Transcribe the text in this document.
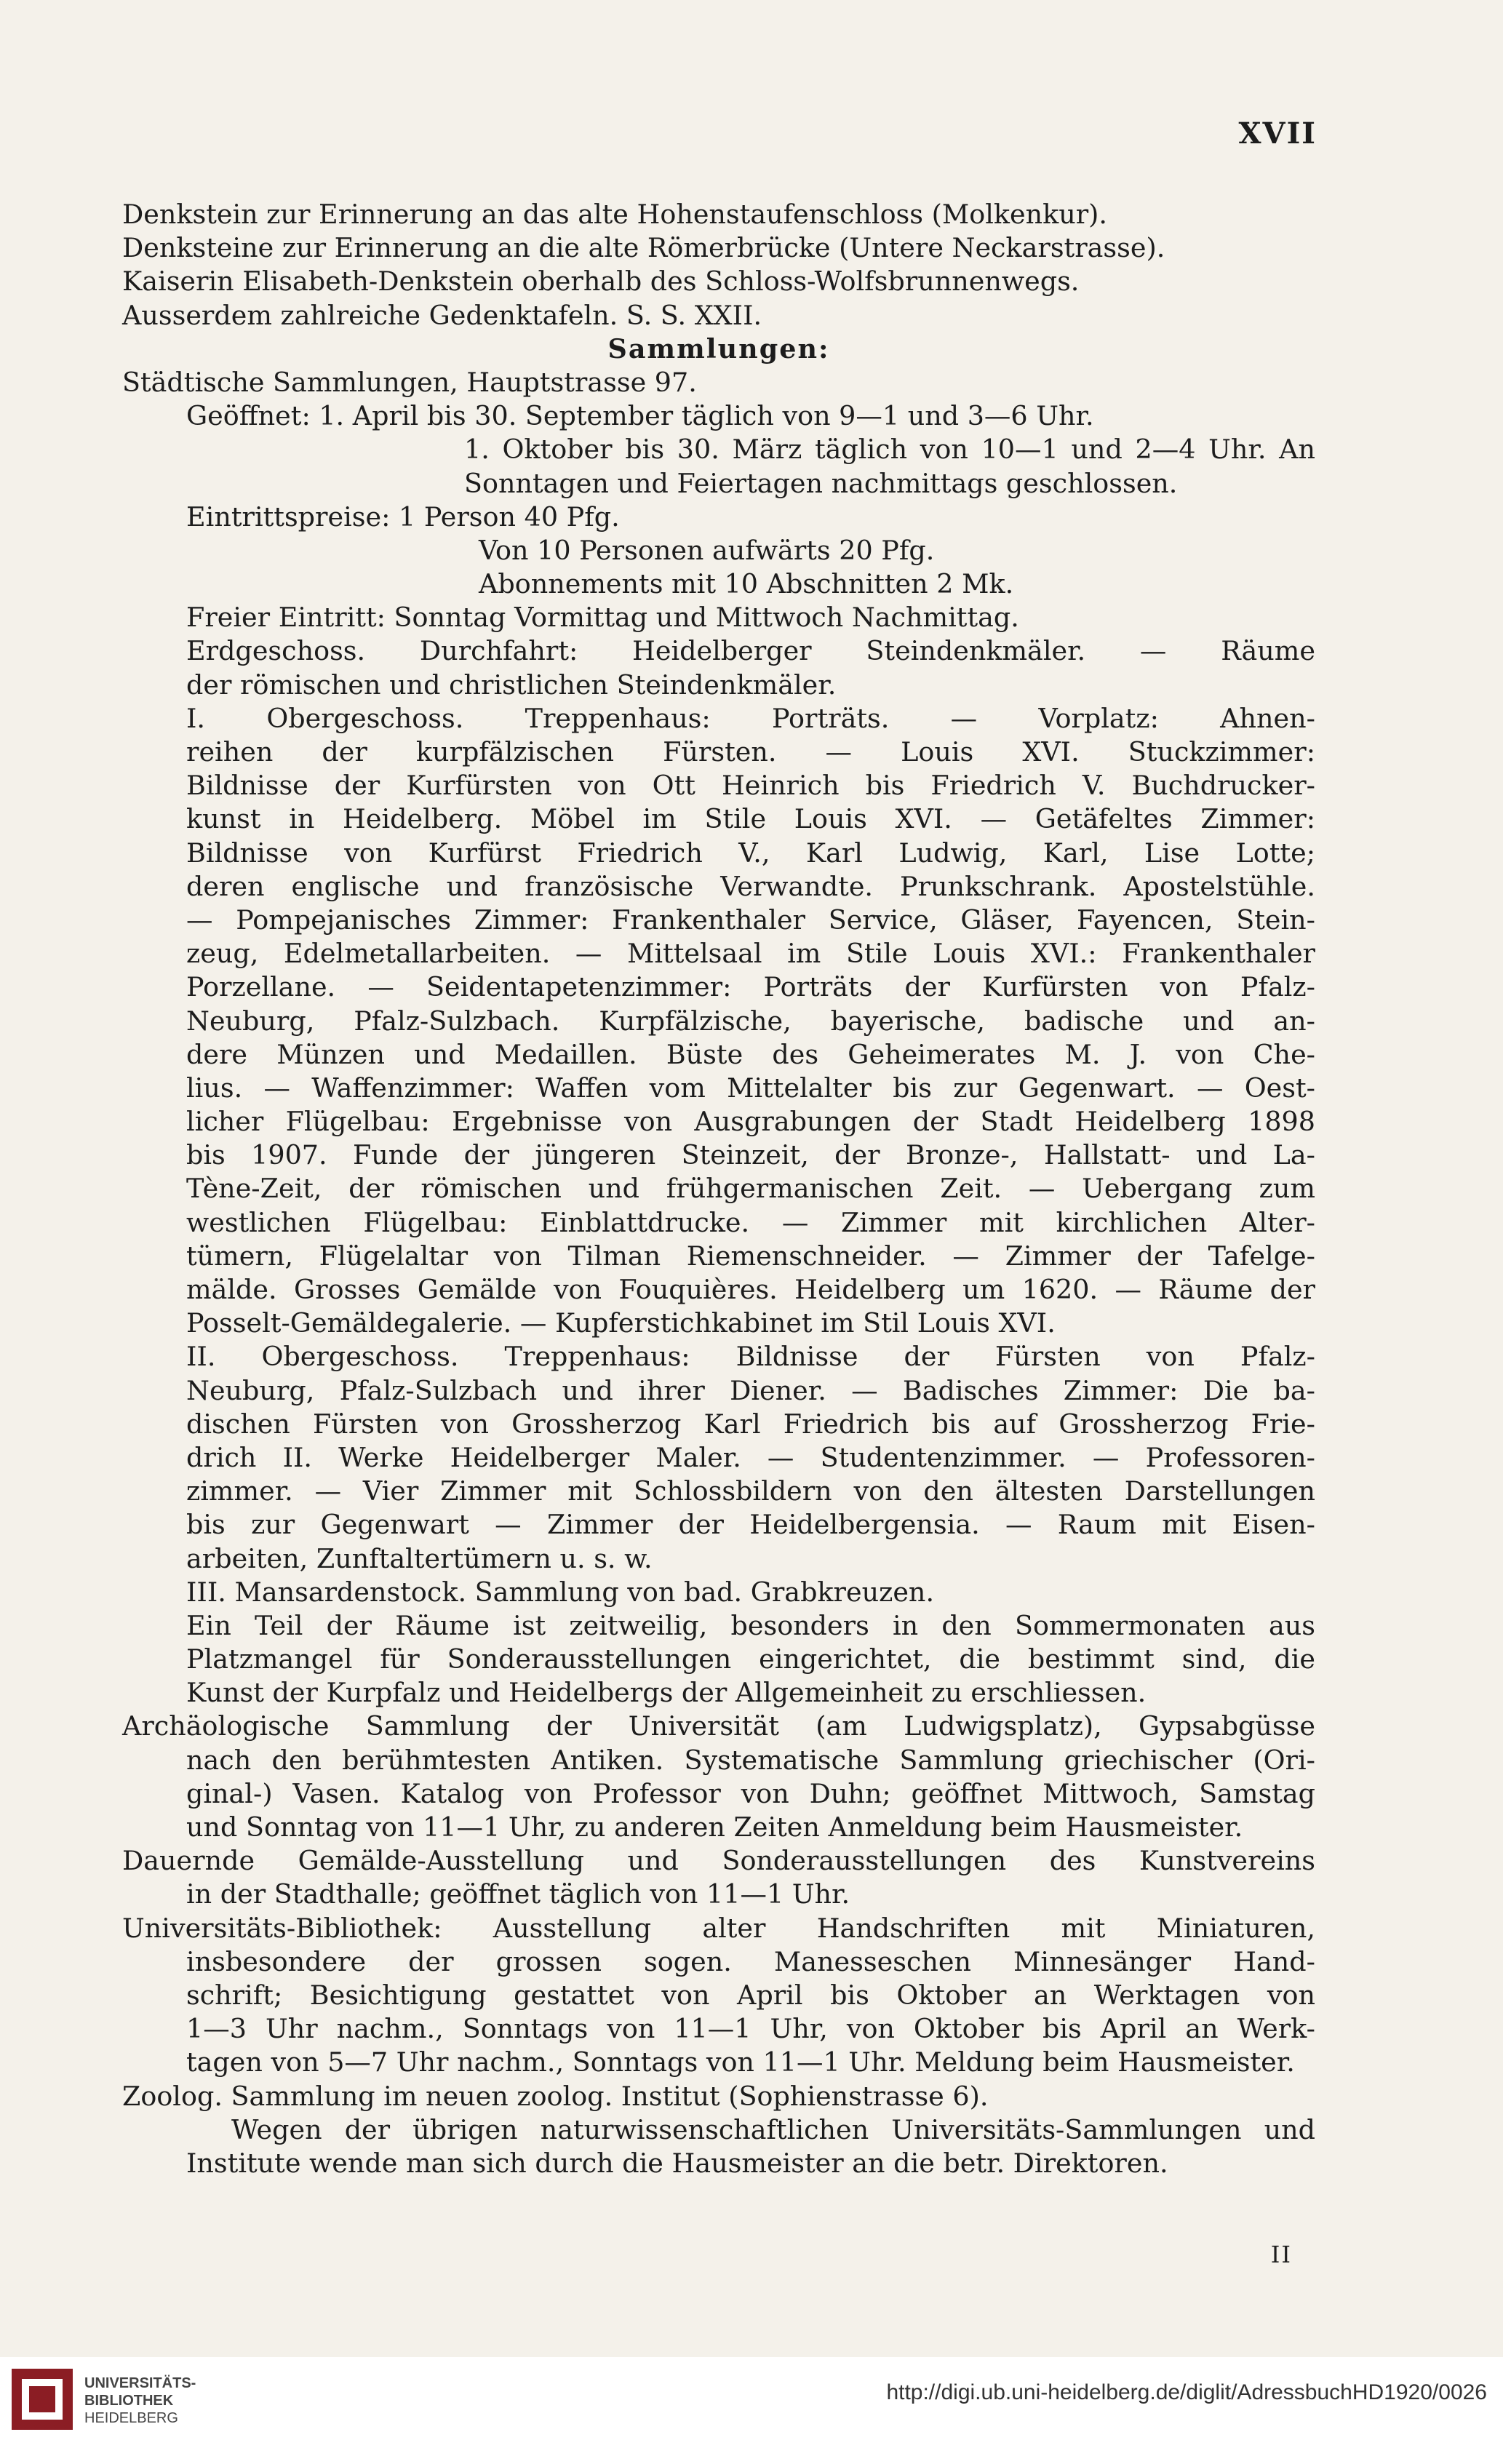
XVII
Denkstein zur Erinnerung an das alte Hohenstaufenschloss (Molkenkur).
Denksteine zur Erinnerung an die alte Römerbrücke (Untere Neckarstrasse).
Kaiserin Elisabeth-Denkstein oberhalb des Schloss-Wolfsbrunnenwegs.
Ausserdem zahlreiche Gedenktafeln. S. S. XXII.
Sammlungen:
Städtische Sammlungen, Hauptstrasse 97.
Geöffnet: 1. April bis 30. September täglich von 9—1 und 3—6 Uhr.
1. Oktober bis 30. März täglich von 10—1 und 2—4 Uhr. An
Sonntagen und Feiertagen nachmittags geschlossen.
Eintrittspreise: 1 Person 40 Pfg.
Von 10 Personen aufwärts 20 Pfg.
Abonnements mit 10 Abschnitten 2 Mk.
Freier Eintritt: Sonntag Vormittag und Mittwoch Nachmittag.
Erdgeschoss. Durchfahrt: Heidelberger Steindenkmäler. — Räume
der römischen und christlichen Steindenkmäler.
I. Obergeschoss. Treppenhaus: Porträts. — Vorplatz: Ahnen-
reihen der kurpfälzischen Fürsten. — Louis XVI. Stuckzimmer:
Bildnisse der Kurfürsten von Ott Heinrich bis Friedrich V. Buchdrucker-
kunst in Heidelberg. Möbel im Stile Louis XVI. — Getäfeltes Zimmer:
Bildnisse von Kurfürst Friedrich V., Karl Ludwig, Karl, Lise Lotte;
deren englische und französische Verwandte. Prunkschrank. Apostelstühle.
— Pompejanisches Zimmer: Frankenthaler Service, Gläser, Fayencen, Stein-
zeug, Edelmetallarbeiten. — Mittelsaal im Stile Louis XVI.: Frankenthaler
Porzellane. — Seidentapetenzimmer: Porträts der Kurfürsten von Pfalz-
Neuburg, Pfalz-Sulzbach. Kurpfälzische, bayerische, badische und an-
dere Münzen und Medaillen. Büste des Geheimerates M. J. von Che-
lius. — Waffenzimmer: Waffen vom Mittelalter bis zur Gegenwart. — Oest-
licher Flügelbau: Ergebnisse von Ausgrabungen der Stadt Heidelberg 1898
bis 1907. Funde der jüngeren Steinzeit, der Bronze-, Hallstatt- und La-
Tène-Zeit, der römischen und frühgermanischen Zeit. — Uebergang zum
westlichen Flügelbau: Einblattdrucke. — Zimmer mit kirchlichen Alter-
tümern, Flügelaltar von Tilman Riemenschneider. — Zimmer der Tafelge-
mälde. Grosses Gemälde von Fouquières. Heidelberg um 1620. — Räume der
Posselt-Gemäldegalerie. — Kupferstichkabinet im Stil Louis XVI.
II. Obergeschoss. Treppenhaus: Bildnisse der Fürsten von Pfalz-
Neuburg, Pfalz-Sulzbach und ihrer Diener. — Badisches Zimmer: Die ba-
dischen Fürsten von Grossherzog Karl Friedrich bis auf Grossherzog Frie-
drich II. Werke Heidelberger Maler. — Studentenzimmer. — Professoren-
zimmer. — Vier Zimmer mit Schlossbildern von den ältesten Darstellungen
bis zur Gegenwart — Zimmer der Heidelbergensia. — Raum mit Eisen-
arbeiten, Zunftaltertümern u. s. w.
III. Mansardenstock. Sammlung von bad. Grabkreuzen.
Ein Teil der Räume ist zeitweilig, besonders in den Sommermonaten aus
Platzmangel für Sonderausstellungen eingerichtet, die bestimmt sind, die
Kunst der Kurpfalz und Heidelbergs der Allgemeinheit zu erschliessen.
Archäologische Sammlung der Universität (am Ludwigsplatz), Gypsabgüsse
nach den berühmtesten Antiken. Systematische Sammlung griechischer (Ori-
ginal-) Vasen. Katalog von Professor von Duhn; geöffnet Mittwoch, Samstag
und Sonntag von 11—1 Uhr, zu anderen Zeiten Anmeldung beim Hausmeister.
Dauernde Gemälde-Ausstellung und Sonderausstellungen des Kunstvereins
in der Stadthalle; geöffnet täglich von 11—1 Uhr.
Universitäts-Bibliothek: Ausstellung alter Handschriften mit Miniaturen,
insbesondere der grossen sogen. Manesseschen Minnesänger Hand-
schrift; Besichtigung gestattet von April bis Oktober an Werktagen von
1—3 Uhr nachm., Sonntags von 11—1 Uhr, von Oktober bis April an Werk-
tagen von 5—7 Uhr nachm., Sonntags von 11—1 Uhr. Meldung beim Hausmeister.
Zoolog. Sammlung im neuen zoolog. Institut (Sophienstrasse 6).
Wegen der übrigen naturwissenschaftlichen Universitäts-Sammlungen und
Institute wende man sich durch die Hausmeister an die betr. Direktoren.
II
UNIVERSITÄTS-
BIBLIOTHEK
HEIDELBERG
http://digi.ub.uni-heidelberg.de/diglit/AdressbuchHD1920/0026
